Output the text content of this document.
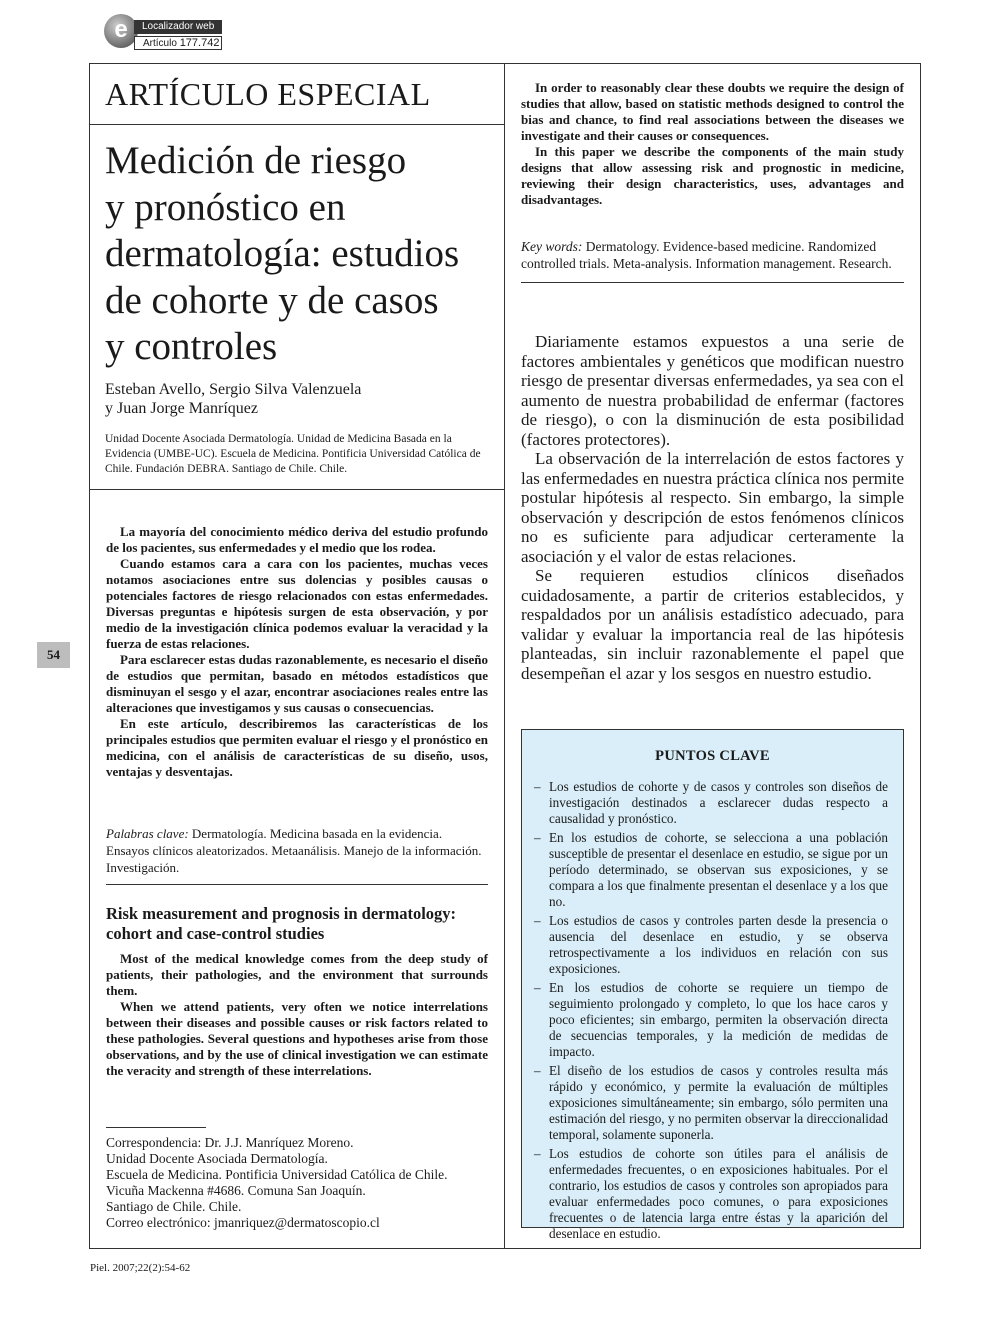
e	Localizador web
Artículo 177.742
ARTÍCULO ESPECIAL
Medición de riesgo
y pronóstico en
dermatología: estudios
de cohorte y de casos
y controles
Esteban Avello, Sergio Silva Valenzuela
y Juan Jorge Manríquez
Unidad Docente Asociada Dermatología. Unidad de Medicina Basada en la Evidencia (UMBE-UC). Escuela de Medicina. Pontificia Universidad Católica de Chile. Fundación DEBRA. Santiago de Chile. Chile.

La mayoría del conocimiento médico deriva del estudio profundo de los pacientes, sus enfermedades y el medio que los rodea.

Cuando estamos cara a cara con los pacientes, muchas veces notamos asociaciones entre sus dolencias y posibles causas o potenciales factores de riesgo relacionados con estas enfermedades. Diversas preguntas e hipótesis surgen de esta observación, y por medio de la investigación clínica podemos evaluar la veracidad y la fuerza de estas relaciones.

Para esclarecer estas dudas razonablemente, es necesario el diseño de estudios que permitan, basado en métodos estadísticos que disminuyan el sesgo y el azar, encontrar asociaciones reales entre las alteraciones que investigamos y sus causas o consecuencias.

En este artículo, describiremos las características de los principales estudios que permiten evaluar el riesgo y el pronóstico en medicina, con el análisis de características de su diseño, usos, ventajas y desventajas.

Palabras clave: Dermatología. Medicina basada en la evidencia. Ensayos clínicos aleatorizados. Metaanálisis. Manejo de la información. Investigación.
Risk measurement and prognosis in dermatology: cohort and case-control studies

Most of the medical knowledge comes from the deep study of patients, their pathologies, and the environment that surrounds them.

When we attend patients, very often we notice interrelations between their diseases and possible causes or risk factors related to these pathologies. Several questions and hypotheses arise from those observations, and by the use of clinical investigation we can estimate the veracity and strength of these interrelations.

Correspondencia: Dr. J.J. Manríquez Moreno.
Unidad Docente Asociada Dermatología.
Escuela de Medicina. Pontificia Universidad Católica de Chile.
Vicuña Mackenna #4686. Comuna San Joaquín.
Santiago de Chile. Chile.
Correo electrónico: jmanriquez@dermatoscopio.cl

In order to reasonably clear these doubts we require the design of studies that allow, based on statistic methods designed to control the bias and chance, to find real associations between the diseases we investigate and their causes or consequences.

In this paper we describe the components of the main study designs that allow assessing risk and prognostic in medicine, reviewing their design characteristics, uses, advantages and disadvantages.

Key words: Dermatology. Evidence-based medicine. Randomized controlled trials. Meta-analysis. Information management. Research.

Diariamente estamos expuestos a una serie de factores ambientales y genéticos que modifican nuestro riesgo de presentar diversas enfermedades, ya sea con el aumento de nuestra probabilidad de enfermar (factores de riesgo), o con la disminución de esta posibilidad (factores protectores).

La observación de la interrelación de estos factores y las enfermedades en nuestra práctica clínica nos permite postular hipótesis al respecto. Sin embargo, la simple observación y descripción de estos fenómenos clínicos no es suficiente para adjudicar certeramente la asociación y el valor de estas relaciones.

Se requieren estudios clínicos diseñados cuidadosamente, a partir de criterios establecidos, y respaldados por un análisis estadístico adecuado, para validar y evaluar la importancia real de las hipótesis planteadas, sin incluir razonablemente el papel que desempeñan el azar y los sesgos en nuestro estudio.

PUNTOS CLAVE
– Los estudios de cohorte y de casos y controles son diseños de investigación destinados a esclarecer dudas respecto a causalidad y pronóstico.
– En los estudios de cohorte, se selecciona a una población susceptible de presentar el desenlace en estudio, se sigue por un período determinado, se observan sus exposiciones, y se compara a los que finalmente presentan el desenlace y a los que no.
– Los estudios de casos y controles parten desde la presencia o ausencia del desenlace en estudio, y se observa retrospectivamente a los individuos en relación con sus exposiciones.
– En los estudios de cohorte se requiere un tiempo de seguimiento prolongado y completo, lo que los hace caros y poco eficientes; sin embargo, permiten la observación directa de secuencias temporales, y la medición de medidas de impacto.
– El diseño de los estudios de casos y controles resulta más rápido y económico, y permite la evaluación de múltiples exposiciones simultáneamente; sin embargo, sólo permiten una estimación del riesgo, y no permiten observar la direccionalidad temporal, solamente suponerla.
– Los estudios de cohorte son útiles para el análisis de enfermedades frecuentes, o en exposiciones habituales. Por el contrario, los estudios de casos y controles son apropiados para evaluar enfermedades poco comunes, o para exposiciones frecuentes o de latencia larga entre éstas y la aparición del desenlace en estudio.
54
Piel. 2007;22(2):54-62
